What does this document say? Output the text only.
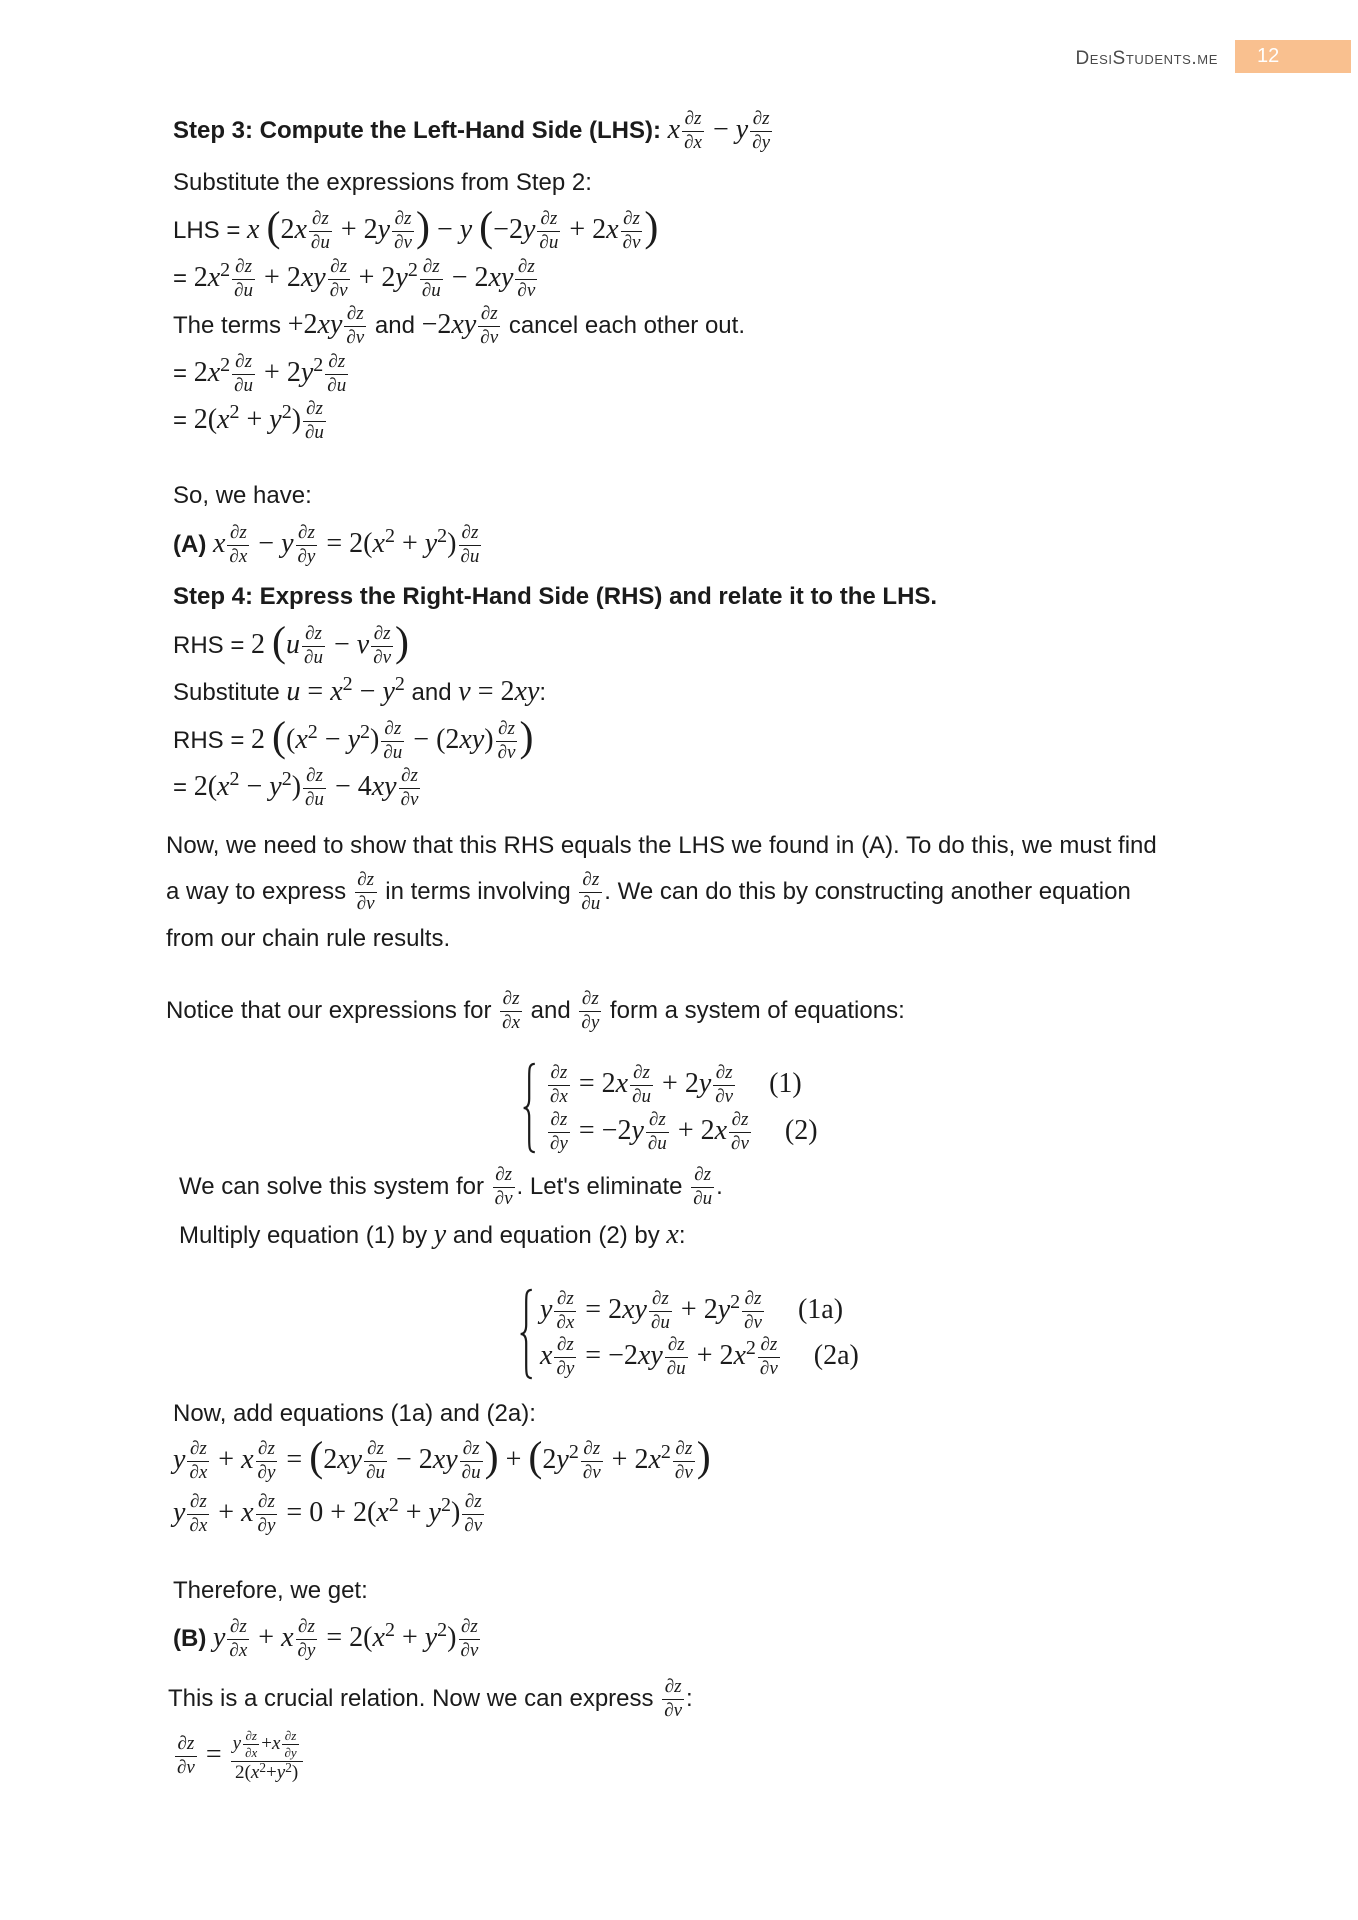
DesiStudents.me 12
Step 3: Compute the Left-Hand Side (LHS): x $\frac{\partial z}{\partial x} - y \frac{\partial z}{\partial y}$
Substitute the expressions from Step 2:
LHS = x ($2x \frac{\partial z}{\partial u} + 2y \frac{\partial z}{\partial v}$ ) − y ($-2y \frac{\partial z}{\partial u} + 2x \frac{\partial z}{\partial v}$ )
= $2x^2 \frac{\partial z}{\partial u} + 2xy \frac{\partial z}{\partial v} + 2y^2 \frac{\partial z}{\partial u} - 2xy \frac{\partial z}{\partial v}$
The terms $+2xy \frac{\partial z}{\partial v}$ and $-2xy \frac{\partial z}{\partial v}$ cancel each other out.
= $2x^2 \frac{\partial z}{\partial u} + 2y^2 \frac{\partial z}{\partial u}$
= $2(x^2 + y^2) \frac{\partial z}{\partial u}$
So, we have:
(A) x $\frac{\partial z}{\partial x} - y \frac{\partial z}{\partial y} = 2(x^2 + y^2) \frac{\partial z}{\partial u}$
Step 4: Express the Right-Hand Side (RHS) and relate it to the LHS.
RHS = 2 ($u \frac{\partial z}{\partial u} - v \frac{\partial z}{\partial v}$ )
Substitute $u = x^2 - y^2$ and v = 2xy:
RHS = 2 ($(x^2 - y^2) \frac{\partial z}{\partial u} - (2xy) \frac{\partial z}{\partial v}$ )
= $2(x^2 - y^2) \frac{\partial z}{\partial u} - 4xy \frac{\partial z}{\partial v}$
Now, we need to show that this RHS equals the LHS we found in (A). To do this, we must find
a way to express $\frac{\partial z}{\partial v}$ in terms involving $\frac{\partial z}{\partial u}$ . We can do this by constructing another equation
from our chain rule results.
Notice that our expressions for $\frac{\partial z}{\partial x}$ and $\frac{\partial z}{\partial y}$ form a system of equations:
$\frac{\partial z}{\partial x} = 2x \frac{\partial z}{\partial u} + 2y \frac{\partial z}{\partial v} (1)$
$\frac{\partial z}{\partial y} = -2y \frac{\partial z}{\partial u} + 2x \frac{\partial z}{\partial v} (2)$
We can solve this system for $\frac{\partial z}{\partial v}$ . Let's eliminate $\frac{\partial z}{\partial u}$ .
Multiply equation (1) by y and equation (2) by x:
y $\frac{\partial z}{\partial x} = 2xy \frac{\partial z}{\partial u} + 2y^2 \frac{\partial z}{\partial v} (1a)$
x $\frac{\partial z}{\partial y} = -2xy \frac{\partial z}{\partial u} + 2x^2 \frac{\partial z}{\partial v} (2a)$
Now, add equations (1a) and (2a):
y $\frac{\partial z}{\partial x} + x \frac{\partial z}{\partial y} = (2xy \frac{\partial z}{\partial u} - 2xy \frac{\partial z}{\partial u}$ ) + ($2y^2 \frac{\partial z}{\partial v} + 2x^2 \frac{\partial z}{\partial v}$ )
y $\frac{\partial z}{\partial x} + x \frac{\partial z}{\partial y} = 0 + 2(x^2 + y^2) \frac{\partial z}{\partial v}$
Therefore, we get:
(B) y $\frac{\partial z}{\partial x} + x \frac{\partial z}{\partial y} = 2(x^2 + y^2) \frac{\partial z}{\partial v}$
This is a crucial relation. Now we can express $\frac{\partial z}{\partial v}$ :
$\frac{\partial z}{\partial v} = \frac{y \frac{\partial z}{\partial x} +x \frac{\partial z}{\partial y}}{2(x^2+y^2)}$
